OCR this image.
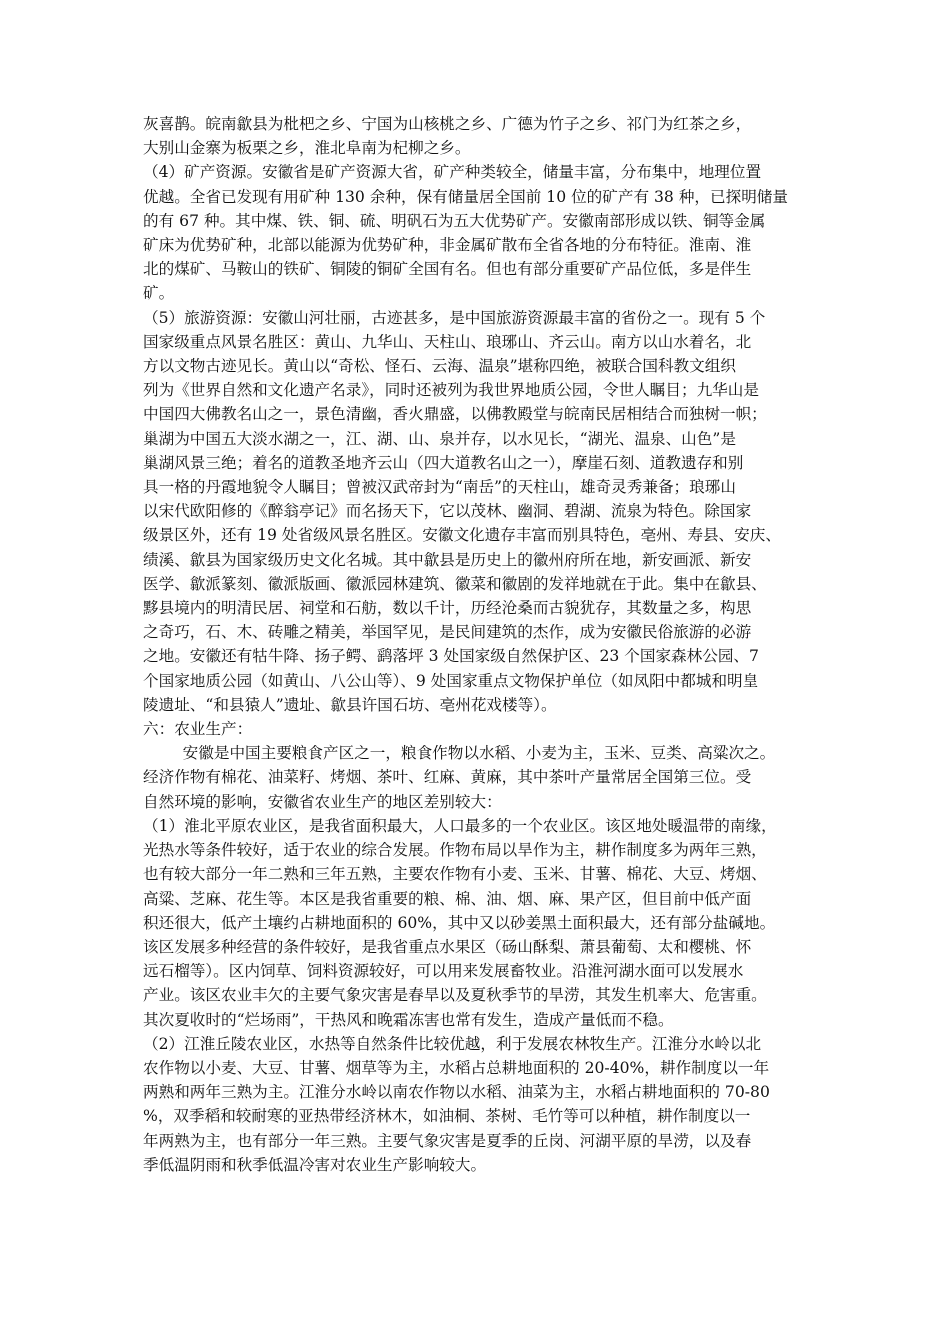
灰喜鹊。皖南歙县为枇杷之乡、宁国为山核桃之乡、广德为竹子之乡、祁门为红茶之乡，

大别山金寨为板栗之乡，淮北阜南为杞柳之乡。

（4）矿产资源。安徽省是矿产资源大省，矿产种类较全，储量丰富，分布集中，地理位置

优越。全省已发现有用矿种 130 余种，保有储量居全国前 10 位的矿产有 38 种，已探明储量

的有 67 种。其中煤、铁、铜、硫、明矾石为五大优势矿产。安徽南部形成以铁、铜等金属

矿床为优势矿种，北部以能源为优势矿种，非金属矿散布全省各地的分布特征。淮南、淮

北的煤矿、马鞍山的铁矿、铜陵的铜矿全国有名。但也有部分重要矿产品位低，多是伴生

矿。

（5）旅游资源：安徽山河壮丽，古迹甚多，是中国旅游资源最丰富的省份之一。现有 5 个

国家级重点风景名胜区：黄山、九华山、天柱山、琅琊山、齐云山。南方以山水着名，北

方以文物古迹见长。黄山以“奇松、怪石、云海、温泉”堪称四绝，被联合国科教文组织

列为《世界自然和文化遗产名录》，同时还被列为我世界地质公园，令世人瞩目；九华山是

中国四大佛教名山之一，景色清幽，香火鼎盛，以佛教殿堂与皖南民居相结合而独树一帜；

巢湖为中国五大淡水湖之一，江、湖、山、泉并存，以水见长，“湖光、温泉、山色”是

巢湖风景三绝；着名的道教圣地齐云山（四大道教名山之一），摩崖石刻、道教遗存和别

具一格的丹霞地貌令人瞩目；曾被汉武帝封为“南岳”的天柱山，雄奇灵秀兼备；琅琊山

以宋代欧阳修的《醉翁亭记》而名扬天下，它以茂林、幽洞、碧湖、流泉为特色。除国家

级景区外，还有 19 处省级风景名胜区。安徽文化遗存丰富而别具特色，亳州、寿县、安庆、

绩溪、歙县为国家级历史文化名城。其中歙县是历史上的徽州府所在地，新安画派、新安

医学、歙派篆刻、徽派版画、徽派园林建筑、徽菜和徽剧的发祥地就在于此。集中在歙县、

黟县境内的明清民居、祠堂和石舫，数以千计，历经沧桑而古貌犹存，其数量之多，构思

之奇巧，石、木、砖雕之精美，举国罕见，是民间建筑的杰作，成为安徽民俗旅游的必游

之地。安徽还有牯牛降、扬子鳄、鹞落坪 3 处国家级自然保护区、23 个国家森林公园、7

个国家地质公园（如黄山、八公山等）、9 处国家重点文物保护单位（如凤阳中都城和明皇

陵遗址、“和县猿人”遗址、歙县许国石坊、亳州花戏楼等）。

六：农业生产：

安徽是中国主要粮食产区之一，粮食作物以水稻、小麦为主，玉米、豆类、高粱次之。

经济作物有棉花、油菜籽、烤烟、茶叶、红麻、黄麻，其中茶叶产量常居全国第三位。受

自然环境的影响，安徽省农业生产的地区差别较大：

（1）淮北平原农业区，是我省面积最大，人口最多的一个农业区。该区地处暖温带的南缘，

光热水等条件较好，适于农业的综合发展。作物布局以旱作为主，耕作制度多为两年三熟，

也有较大部分一年二熟和三年五熟，主要农作物有小麦、玉米、甘薯、棉花、大豆、烤烟、

高粱、芝麻、花生等。本区是我省重要的粮、棉、油、烟、麻、果产区，但目前中低产面

积还很大，低产土壤约占耕地面积的 60%，其中又以砂姜黑土面积最大，还有部分盐碱地。

该区发展多种经营的条件较好，是我省重点水果区（砀山酥梨、萧县葡萄、太和樱桃、怀

远石榴等）。区内饲草、饲料资源较好，可以用来发展畜牧业。沿淮河湖水面可以发展水

产业。该区农业丰欠的主要气象灾害是春旱以及夏秋季节的旱涝，其发生机率大、危害重。

其次夏收时的“烂场雨”，干热风和晚霜冻害也常有发生，造成产量低而不稳。

（2）江淮丘陵农业区，水热等自然条件比较优越，利于发展农林牧生产。江淮分水岭以北

农作物以小麦、大豆、甘薯、烟草等为主，水稻占总耕地面积的 20-40%，耕作制度以一年

两熟和两年三熟为主。江淮分水岭以南农作物以水稻、油菜为主，水稻占耕地面积的 70-80

%，双季稻和较耐寒的亚热带经济林木，如油桐、茶树、毛竹等可以种植，耕作制度以一

年两熟为主，也有部分一年三熟。主要气象灾害是夏季的丘岗、河湖平原的旱涝，以及春

季低温阴雨和秋季低温冷害对农业生产影响较大。
